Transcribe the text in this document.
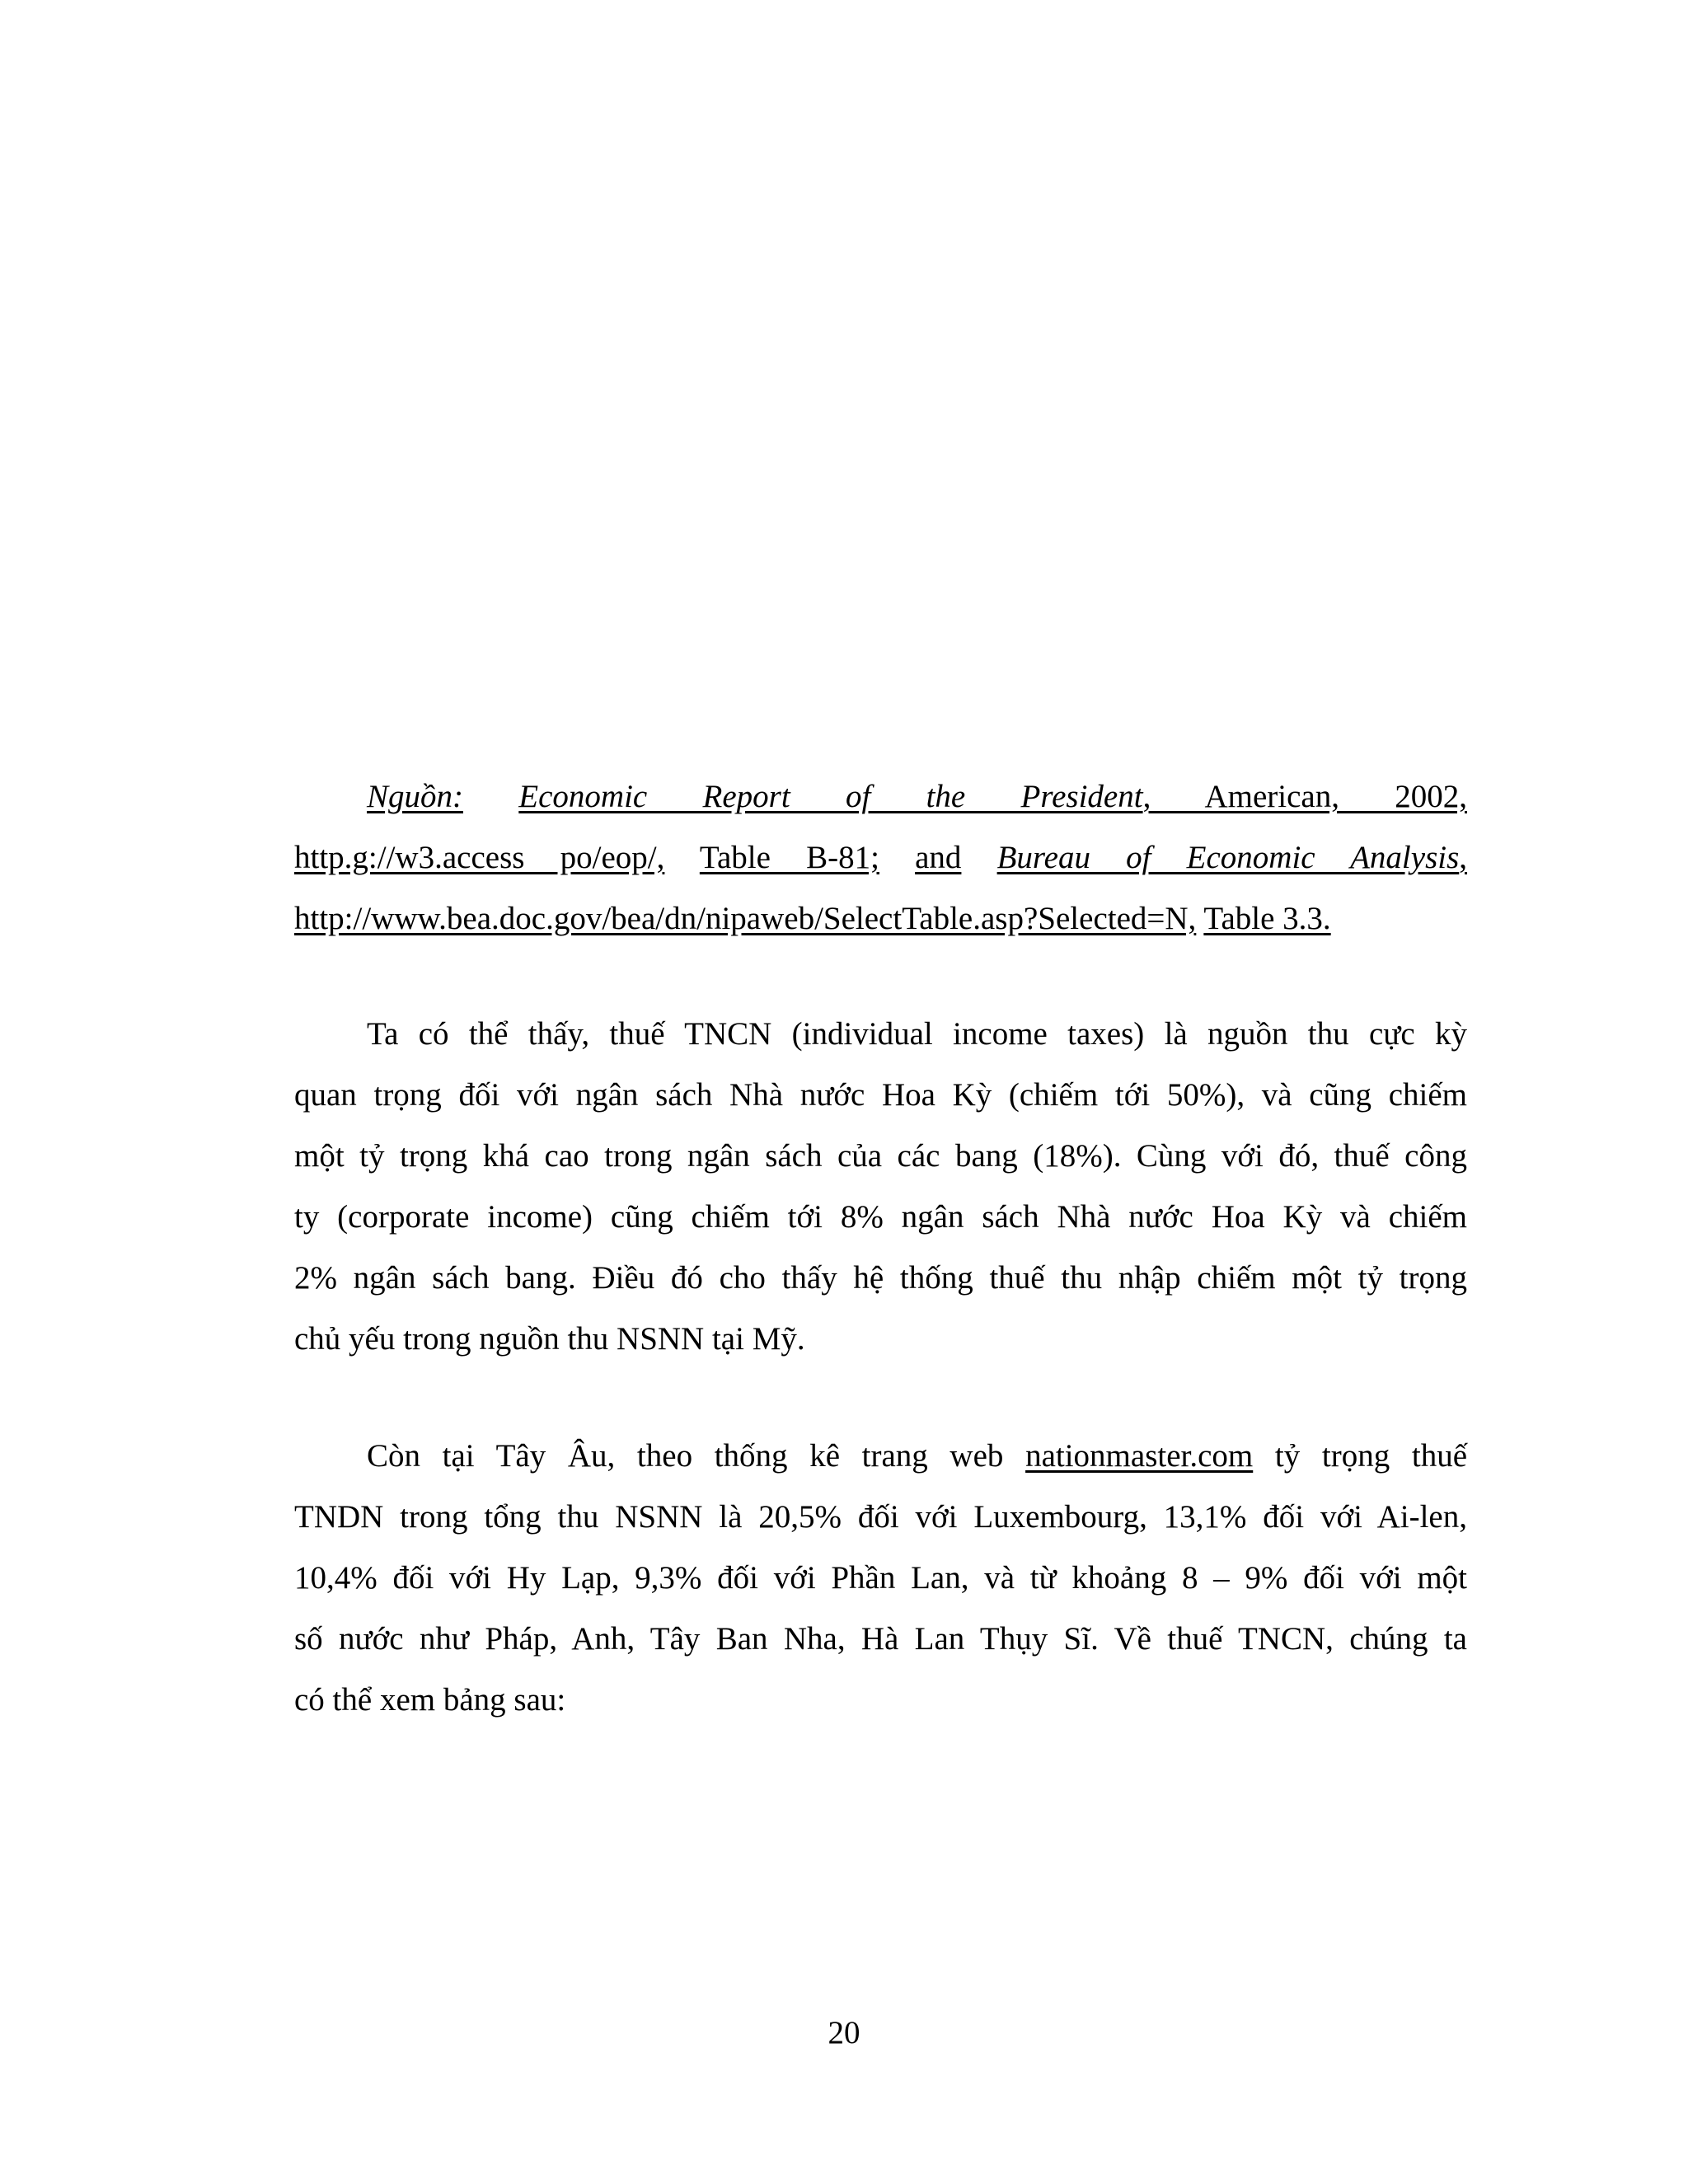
Nguồn: Economic Report of the President, American, 2002,
http.g://w3.access po/eop/, Table B-81; and Bureau of Economic Analysis,
http://www.bea.doc.gov/bea/dn/nipaweb/SelectTable.asp?Selected=N, Table 3.3.
Ta có thể thấy, thuế TNCN (individual income taxes) là nguồn thu cực kỳ
quan trọng đối với ngân sách Nhà nước Hoa Kỳ (chiếm tới 50%), và cũng chiếm
một tỷ trọng khá cao trong ngân sách của các bang (18%). Cùng với đó, thuế công
ty (corporate income) cũng chiếm tới 8% ngân sách Nhà nước Hoa Kỳ và chiếm
2% ngân sách bang. Điều đó cho thấy hệ thống thuế thu nhập chiếm một tỷ trọng
chủ yếu trong nguồn thu NSNN tại Mỹ.
Còn tại Tây Âu, theo thống kê trang web nationmaster.com tỷ trọng thuế
TNDN trong tổng thu NSNN là 20,5% đối với Luxembourg, 13,1% đối với Ai-len,
10,4% đối với Hy Lạp, 9,3% đối với Phần Lan, và từ khoảng 8 – 9% đối với một
số nước như Pháp, Anh, Tây Ban Nha, Hà Lan Thụy Sĩ. Về thuế TNCN, chúng ta
có thể xem bảng sau:
20
